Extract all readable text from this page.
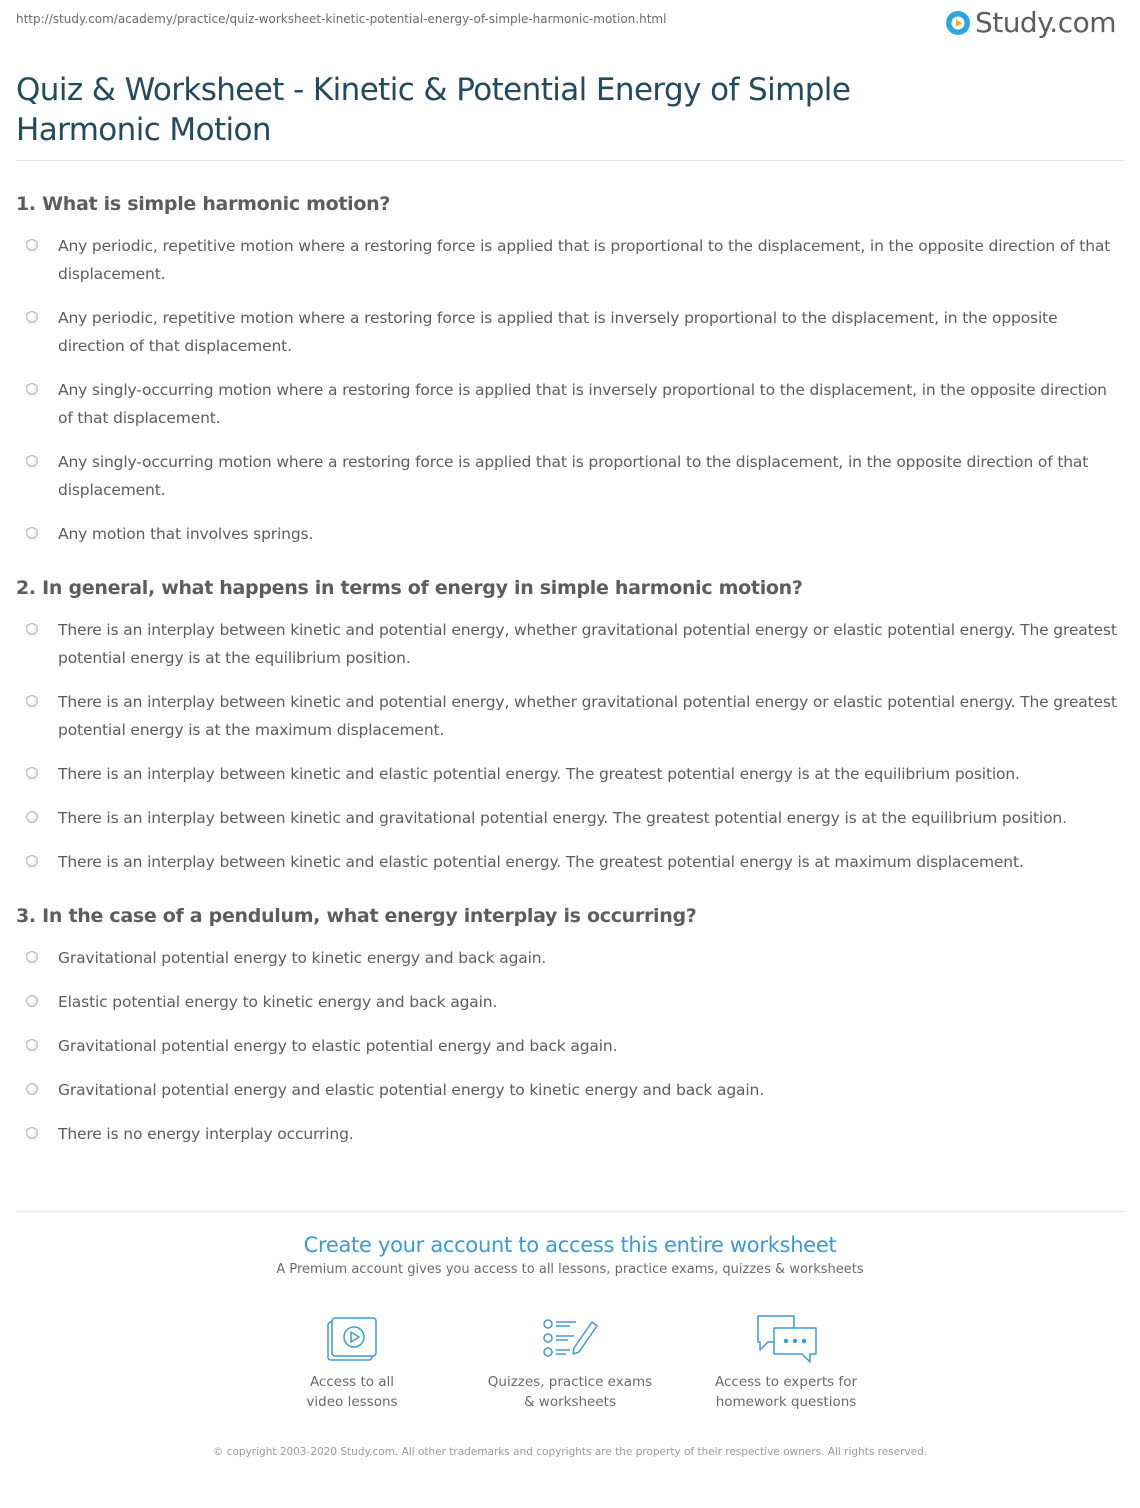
http://study.com/academy/practice/quiz-worksheet-kinetic-potential-energy-of-simple-harmonic-motion.html	Study.com
Quiz & Worksheet - Kinetic & Potential Energy of Simple Harmonic Motion

1. What is simple harmonic motion?

Any periodic, repetitive motion where a restoring force is applied that is proportional to the displacement, in the opposite direction of that displacement.
Any periodic, repetitive motion where a restoring force is applied that is inversely proportional to the displacement, in the opposite direction of that displacement.
Any singly-occurring motion where a restoring force is applied that is inversely proportional to the displacement, in the opposite direction of that displacement.
Any singly-occurring motion where a restoring force is applied that is proportional to the displacement, in the opposite direction of that displacement.
Any motion that involves springs.

2. In general, what happens in terms of energy in simple harmonic motion?

There is an interplay between kinetic and potential energy, whether gravitational potential energy or elastic potential energy. The greatest potential energy is at the equilibrium position.
There is an interplay between kinetic and potential energy, whether gravitational potential energy or elastic potential energy. The greatest potential energy is at the maximum displacement.
There is an interplay between kinetic and elastic potential energy. The greatest potential energy is at the equilibrium position.
There is an interplay between kinetic and gravitational potential energy. The greatest potential energy is at the equilibrium position.
There is an interplay between kinetic and elastic potential energy. The greatest potential energy is at maximum displacement.

3. In the case of a pendulum, what energy interplay is occurring?

Gravitational potential energy to kinetic energy and back again.
Elastic potential energy to kinetic energy and back again.
Gravitational potential energy to elastic potential energy and back again.
Gravitational potential energy and elastic potential energy to kinetic energy and back again.
There is no energy interplay occurring.
Create your account to access this entire worksheet
A Premium account gives you access to all lessons, practice exams, quizzes & worksheets
Access to all
video lessons
Quizzes, practice exams
& worksheets
Access to experts for
homework questions
© copyright 2003-2020 Study.com. All other trademarks and copyrights are the property of their respective owners. All rights reserved.
